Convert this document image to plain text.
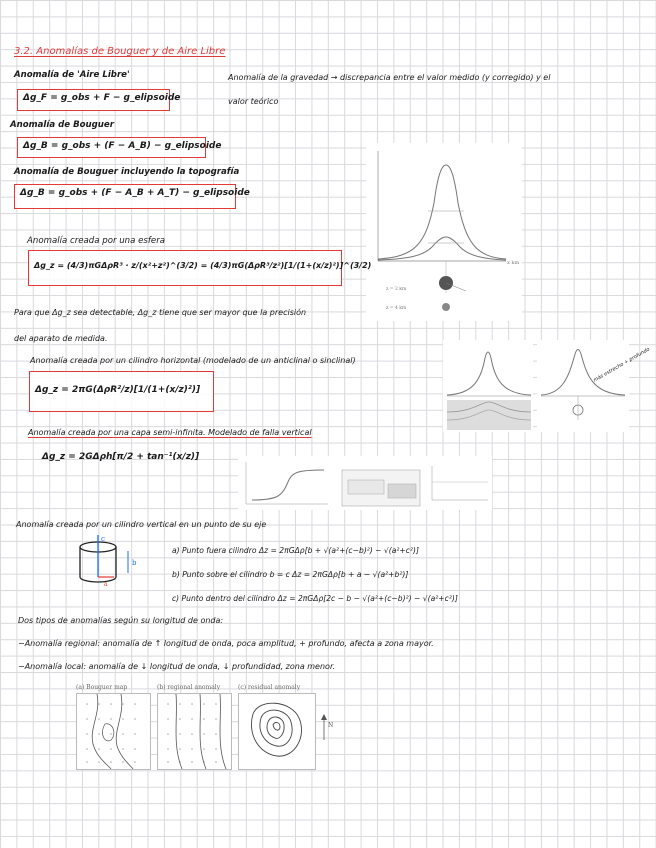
3.2. Anomalías de Bouguer y de Aire Libre
Anomalía de 'Aire Libre'
Δg_F = g_obs + F − g_elipsoide
Anomalía de la gravedad → discrepancia entre el valor medido (y corregido) y el
valor teórico
Anomalía de Bouguer
Δg_B = g_obs + (F − A_B) − g_elipsoide
Anomalía de Bouguer incluyendo la topografía
Δg_B = g_obs + (F − A_B + A_T) − g_elipsoide
x km
z = 2 km
z = 4 km
Anomalía creada por una esfera
Δg_z = (4/3)πGΔρR³ · z/(x²+z²)^(3/2) = (4/3)πG(ΔρR³/z²)[1/(1+(x/z)²)]^(3/2)
Para que Δg_z sea detectable, Δg_z tiene que ser mayor que la precisión
del aparato de medida.
Anomalía creada por un cilindro horizontal (modelado de un anticlinal o sinclinal)
Δg_z = 2πG(ΔρR²/z)[1/(1+(x/z)²)]
más estrecho + profundo
Anomalía creada por una capa semi-infinita. Modelado de falla vertical
Δg_z = 2GΔρh[π/2 + tan⁻¹(x/z)]
Anomalía creada por un cilindro vertical en un punto de su eje
c
b
a
a) Punto fuera cilindro Δz = 2πGΔρ[b + √(a²+(c−b)²) − √(a²+c²)]
b) Punto sobre el cilindro b = c Δz = 2πGΔρ[b + a − √(a²+b²)]
c) Punto dentro del cilindro Δz = 2πGΔρ[2c − b − √(a²+(c−b)²) − √(a²+c²)]
Dos tipos de anomalías según su longitud de onda:
−Anomalía regional: anomalía de ↑ longitud de onda, poca amplitud, + profundo, afecta a zona mayor.
−Anomalía local: anomalía de ↓ longitud de onda, ↓ profundidad, zona menor.
(a) Bouguer map	(b) regional anomaly	(c) residual anomaly
N
